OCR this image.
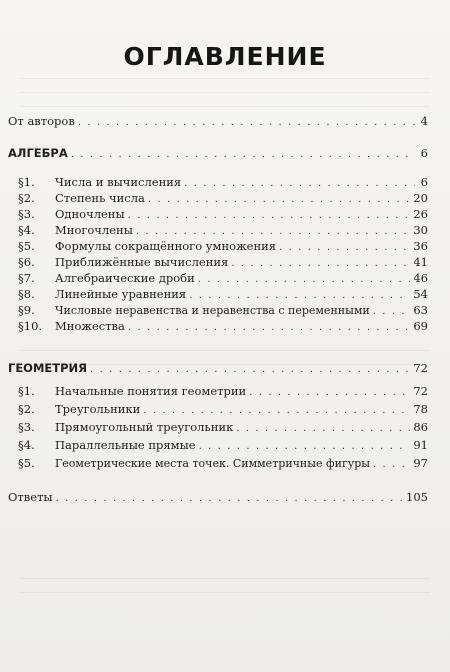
ОГЛАВЛЕНИЕ
От авторов . . .	4
АЛГЕБРА . . .	6
§1.	Числа и вычисления . . .	6
§2.	Степень числа . . .	20
§3.	Одночлены . . .	26
§4.	Многочлены . . .	30
§5.	Формулы сокращённого умножения . . .	36
§6.	Приближённые вычисления . . .	41
§7.	Алгебраические дроби . . .	46
§8.	Линейные уравнения . . .	54
§9.	Числовые неравенства и неравенства с переменными . . .	63
§10.	Множества . . .	69
ГЕОМЕТРИЯ . . .	72
§1.	Начальные понятия геометрии . . .	72
§2.	Треугольники . . .	78
§3.	Прямоугольный треугольник . . .	86
§4.	Параллельные прямые . . .	91
§5.	Геометрические места точек. Симметричные фигуры . . .	97
Ответы . . .	105
